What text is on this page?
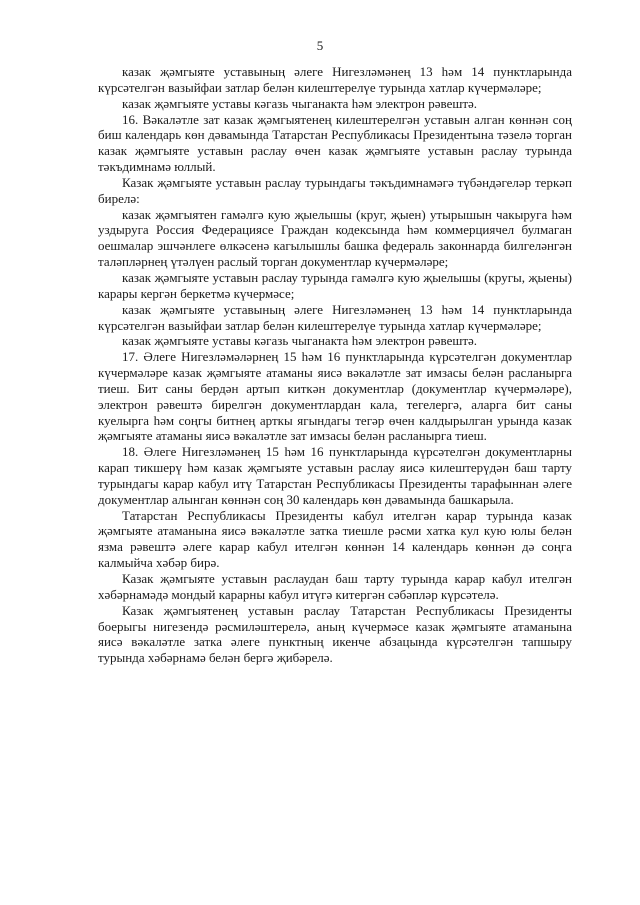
5

казак җәмгыяте уставының әлеге Нигезләмәнең 13 һәм 14 пунктларында күрсәтелгән вазыйфаи затлар белән килештерелүе турында хатлар күчермәләре;

казак җәмгыяте уставы кәгазь чыганакта һәм электрон рәвештә.

16. Вәкаләтле зат казак җәмгыятенең килештерелгән уставын алган көннән соң биш календарь көн дәвамында Татарстан Республикасы Президентына тәзелә торган казак җәмгыяте уставын раслау өчен казак җәмгыяте уставын раслау турында тәкъдимнамә юллый.

Казак җәмгыяте уставын раслау турындагы тәкъдимнамәгә түбәндәгеләр теркәп бирелә:

казак җәмгыятен гамәлгә кую җыелышы (круг, җыен) утырышын чакыруга һәм уздыруга Россия Федерациясе Граждан кодексында һәм коммерциячел булмаган оешмалар эшчәнлеге өлкәсенә кагылышлы башка федераль законнарда билгеләнгән таләпләрнең үтәлүен раслый торган документлар күчермәләре;

казак җәмгыяте уставын раслау турында гамәлгә кую җыелышы (кругы, җыены) карары кергән беркетмә күчермәсе;

казак җәмгыяте уставының әлеге Нигезләмәнең 13 һәм 14 пунктларында күрсәтелгән вазыйфаи затлар белән килештерелүе турында хатлар күчермәләре;

казак җәмгыяте уставы кәгазь чыганакта һәм электрон рәвештә.

17. Әлеге Нигезләмәләрнең 15 һәм 16 пунктларында күрсәтелгән документлар күчермәләре казак җәмгыяте атаманы яисә вәкаләтле зат имзасы белән расланырга тиеш. Бит саны бердән артып киткән документлар (документлар күчермәләре), электрон рәвештә бирелгән документлардан кала, тегелергә, аларга бит саны куелырга һәм соңгы битнең арткы ягындагы тегәр өчен калдырылган урында казак җәмгыяте атаманы яисә вәкаләтле зат имзасы белән расланырга тиеш.

18. Әлеге Нигезләмәнең 15 һәм 16 пунктларында күрсәтелгән документларны карап тикшерү һәм казак җәмгыяте уставын раслау яисә килештерүдән баш тарту турындагы карар кабул итү Татарстан Республикасы Президенты тарафыннан әлеге документлар алынган көннән соң 30 календарь көн дәвамында башкарыла.

Татарстан Республикасы Президенты кабул ителгән карар турында казак җәмгыяте атаманына яисә вәкаләтле затка тиешле рәсми хатка кул кую юлы белән язма рәвештә әлеге карар кабул ителгән көннән 14 календарь көннән дә соңга калмыйча хәбәр бирә.

Казак җәмгыяте уставын раслаудан баш тарту турында карар кабул ителгән хәбәрнамәдә мондый карарны кабул итүгә китергән сәбәпләр күрсәтелә.

Казак җәмгыятенең уставын раслау Татарстан Республикасы Президенты боерыгы нигезендә рәсмиләштерелә, аның күчермәсе казак җәмгыяте атаманына яисә вәкаләтле затка әлеге пунктның икенче абзацында күрсәтелгән тапшыру турында хәбәрнамә белән бергә җибәрелә.
